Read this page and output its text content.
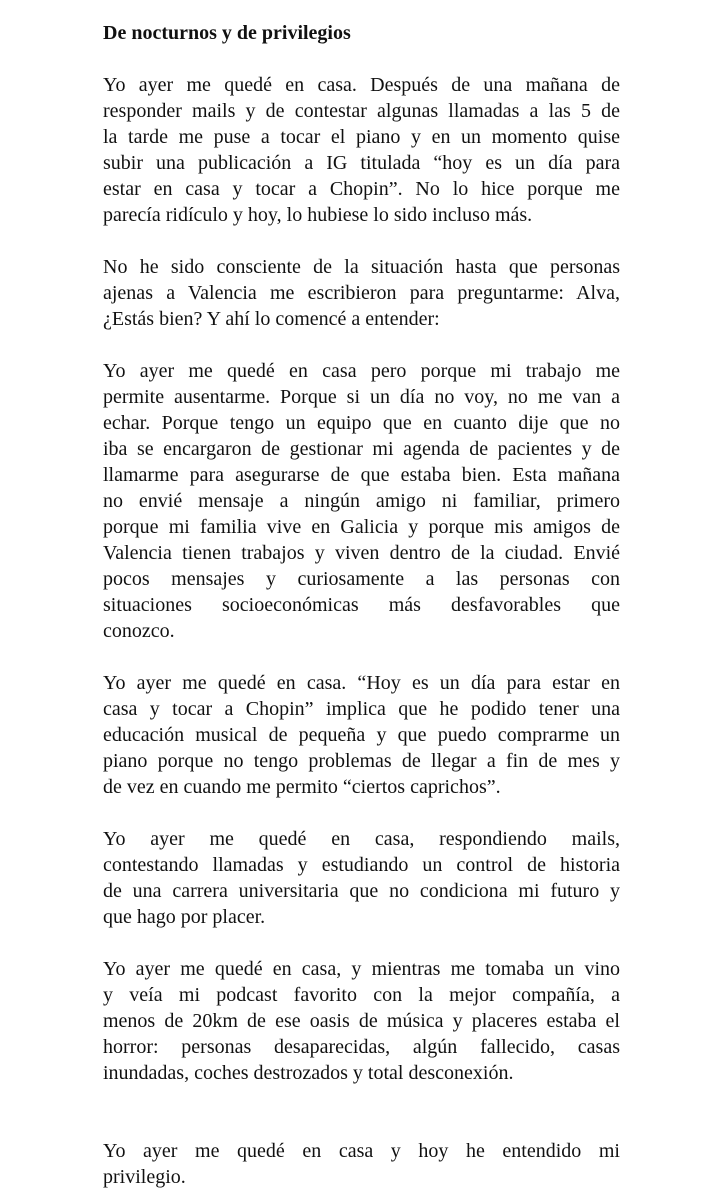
De nocturnos y de privilegios
Yo ayer me quedé en casa. Después de una mañana de
responder mails y de contestar algunas llamadas a las 5 de
la tarde me puse a tocar el piano y en un momento quise
subir una publicación a IG titulada “hoy es un día para
estar en casa y tocar a Chopin”. No lo hice porque me
parecía ridículo y hoy, lo hubiese lo sido incluso más.
No he sido consciente de la situación hasta que personas
ajenas a Valencia me escribieron para preguntarme: Alva,
¿Estás bien? Y ahí lo comencé a entender:
Yo ayer me quedé en casa pero porque mi trabajo me
permite ausentarme. Porque si un día no voy, no me van a
echar. Porque tengo un equipo que en cuanto dije que no
iba se encargaron de gestionar mi agenda de pacientes y de
llamarme para asegurarse de que estaba bien. Esta mañana
no envié mensaje a ningún amigo ni familiar, primero
porque mi familia vive en Galicia y porque mis amigos de
Valencia tienen trabajos y viven dentro de la ciudad. Envié
pocos mensajes y curiosamente a las personas con
situaciones socioeconómicas más desfavorables que
conozco.
Yo ayer me quedé en casa. “Hoy es un día para estar en
casa y tocar a Chopin” implica que he podido tener una
educación musical de pequeña y que puedo comprarme un
piano porque no tengo problemas de llegar a fin de mes y
de vez en cuando me permito “ciertos caprichos”.
Yo ayer me quedé en casa, respondiendo mails,
contestando llamadas y estudiando un control de historia
de una carrera universitaria que no condiciona mi futuro y
que hago por placer.
Yo ayer me quedé en casa, y mientras me tomaba un vino
y veía mi podcast favorito con la mejor compañía, a
menos de 20km de ese oasis de música y placeres estaba el
horror: personas desaparecidas, algún fallecido, casas
inundadas, coches destrozados y total desconexión.
Yo ayer me quedé en casa y hoy he entendido mi
privilegio.
